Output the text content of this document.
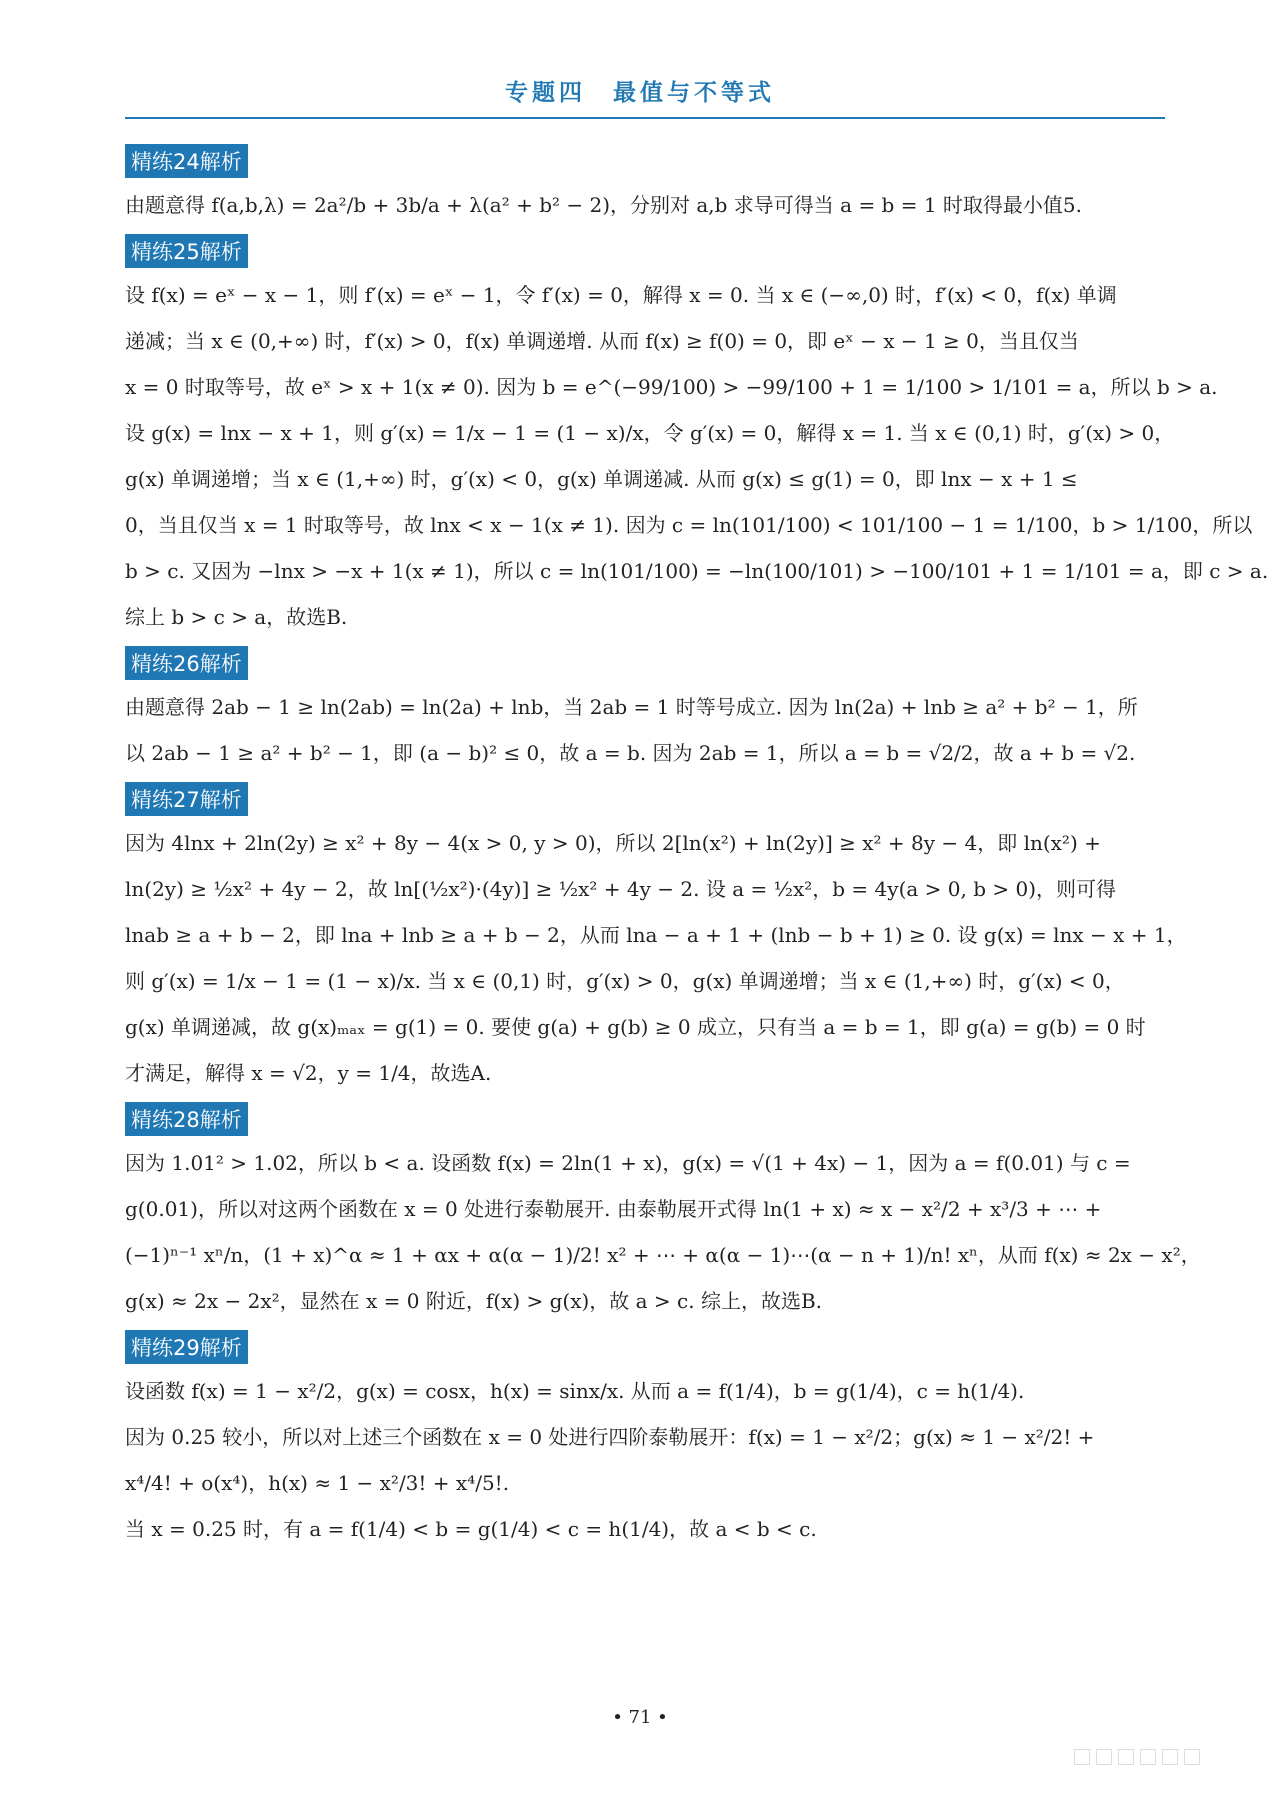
专题四　最值与不等式
精练24解析
由题意得 f(a,b,λ) = 2a²/b + 3b/a + λ(a² + b² − 2)，分别对 a,b 求导可得当 a = b = 1 时取得最小值5.
精练25解析
设 f(x) = eˣ − x − 1，则 f′(x) = eˣ − 1，令 f′(x) = 0，解得 x = 0. 当 x ∈ (−∞,0) 时，f′(x) < 0，f(x) 单调
递减；当 x ∈ (0,+∞) 时，f′(x) > 0，f(x) 单调递增. 从而 f(x) ≥ f(0) = 0，即 eˣ − x − 1 ≥ 0，当且仅当
x = 0 时取等号，故 eˣ > x + 1(x ≠ 0). 因为 b = e^(−99/100) > −99/100 + 1 = 1/100 > 1/101 = a，所以 b > a.
设 g(x) = lnx − x + 1，则 g′(x) = 1/x − 1 = (1 − x)/x，令 g′(x) = 0，解得 x = 1. 当 x ∈ (0,1) 时，g′(x) > 0，
g(x) 单调递增；当 x ∈ (1,+∞) 时，g′(x) < 0，g(x) 单调递减. 从而 g(x) ≤ g(1) = 0，即 lnx − x + 1 ≤
0，当且仅当 x = 1 时取等号，故 lnx < x − 1(x ≠ 1). 因为 c = ln(101/100) < 101/100 − 1 = 1/100，b > 1/100，所以
b > c. 又因为 −lnx > −x + 1(x ≠ 1)，所以 c = ln(101/100) = −ln(100/101) > −100/101 + 1 = 1/101 = a，即 c > a.
综上 b > c > a，故选B.
精练26解析
由题意得 2ab − 1 ≥ ln(2ab) = ln(2a) + lnb，当 2ab = 1 时等号成立. 因为 ln(2a) + lnb ≥ a² + b² − 1，所
以 2ab − 1 ≥ a² + b² − 1，即 (a − b)² ≤ 0，故 a = b. 因为 2ab = 1，所以 a = b = √2/2，故 a + b = √2.
精练27解析
因为 4lnx + 2ln(2y) ≥ x² + 8y − 4(x > 0, y > 0)，所以 2[ln(x²) + ln(2y)] ≥ x² + 8y − 4，即 ln(x²) +
ln(2y) ≥ ½x² + 4y − 2，故 ln[(½x²)·(4y)] ≥ ½x² + 4y − 2. 设 a = ½x²，b = 4y(a > 0, b > 0)，则可得
lnab ≥ a + b − 2，即 lna + lnb ≥ a + b − 2，从而 lna − a + 1 + (lnb − b + 1) ≥ 0. 设 g(x) = lnx − x + 1，
则 g′(x) = 1/x − 1 = (1 − x)/x. 当 x ∈ (0,1) 时，g′(x) > 0，g(x) 单调递增；当 x ∈ (1,+∞) 时，g′(x) < 0，
g(x) 单调递减，故 g(x)ₘₐₓ = g(1) = 0. 要使 g(a) + g(b) ≥ 0 成立，只有当 a = b = 1，即 g(a) = g(b) = 0 时
才满足，解得 x = √2，y = 1/4，故选A.
精练28解析
因为 1.01² > 1.02，所以 b < a. 设函数 f(x) = 2ln(1 + x)，g(x) = √(1 + 4x) − 1，因为 a = f(0.01) 与 c =
g(0.01)，所以对这两个函数在 x = 0 处进行泰勒展开. 由泰勒展开式得 ln(1 + x) ≈ x − x²/2 + x³/3 + ⋯ +
(−1)ⁿ⁻¹ xⁿ/n，(1 + x)^α ≈ 1 + αx + α(α − 1)/2! x² + ⋯ + α(α − 1)⋯(α − n + 1)/n! xⁿ，从而 f(x) ≈ 2x − x²，
g(x) ≈ 2x − 2x²，显然在 x = 0 附近，f(x) > g(x)，故 a > c. 综上，故选B.
精练29解析
设函数 f(x) = 1 − x²/2，g(x) = cosx，h(x) = sinx/x. 从而 a = f(1/4)，b = g(1/4)，c = h(1/4).
因为 0.25 较小，所以对上述三个函数在 x = 0 处进行四阶泰勒展开：f(x) = 1 − x²/2；g(x) ≈ 1 − x²/2! +
x⁴/4! + o(x⁴)，h(x) ≈ 1 − x²/3! + x⁴/5!.
当 x = 0.25 时，有 a = f(1/4) < b = g(1/4) < c = h(1/4)，故 a < b < c.
• 71 •
